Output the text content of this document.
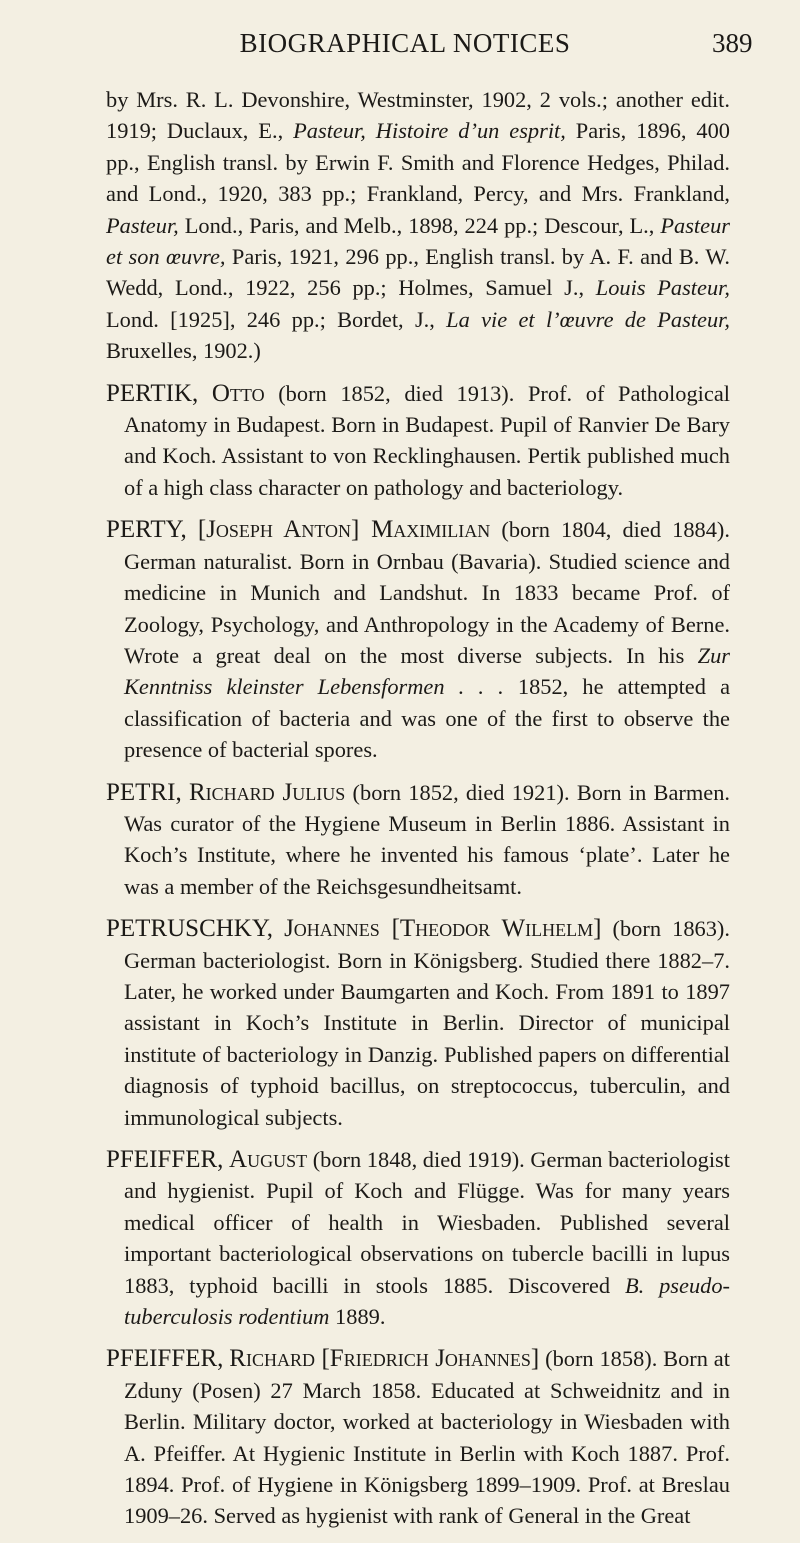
BIOGRAPHICAL NOTICES	389

by Mrs. R. L. Devonshire, Westminster, 1902, 2 vols.; another edit. 1919; Duclaux, E., Pasteur, Histoire d’un esprit, Paris, 1896, 400 pp., English transl. by Erwin F. Smith and Florence Hedges, Philad. and Lond., 1920, 383 pp.; Frankland, Percy, and Mrs. Frankland, Pasteur, Lond., Paris, and Melb., 1898, 224 pp.; Descour, L., Pasteur et son œuvre, Paris, 1921, 296 pp., English transl. by A. F. and B. W. Wedd, Lond., 1922, 256 pp.; Holmes, Samuel J., Louis Pasteur, Lond. [1925], 246 pp.; Bordet, J., La vie et l’œuvre de Pasteur, Bruxelles, 1902.)

PERTIK, Otto (born 1852, died 1913). Prof. of Pathological Anatomy in Budapest. Born in Budapest. Pupil of Ranvier De Bary and Koch. Assistant to von Recklinghausen. Pertik published much of a high class character on pathology and bacteriology.

PERTY, [Joseph Anton] Maximilian (born 1804, died 1884). German naturalist. Born in Ornbau (Bavaria). Studied science and medicine in Munich and Landshut. In 1833 became Prof. of Zoology, Psychology, and Anthropology in the Academy of Berne. Wrote a great deal on the most diverse subjects. In his Zur Kenntniss kleinster Lebensformen . . . 1852, he attempted a classification of bacteria and was one of the first to observe the presence of bacterial spores.

PETRI, Richard Julius (born 1852, died 1921). Born in Barmen. Was curator of the Hygiene Museum in Berlin 1886. Assistant in Koch’s Institute, where he invented his famous ‘plate’. Later he was a member of the Reichsgesundheitsamt.

PETRUSCHKY, Johannes [Theodor Wilhelm] (born 1863). German bacteriologist. Born in Königsberg. Studied there 1882–7. Later, he worked under Baumgarten and Koch. From 1891 to 1897 assistant in Koch’s Institute in Berlin. Director of municipal institute of bacteriology in Danzig. Published papers on differential diagnosis of typhoid bacillus, on streptococcus, tuberculin, and immunological subjects.

PFEIFFER, August (born 1848, died 1919). German bacteriologist and hygienist. Pupil of Koch and Flügge. Was for many years medical officer of health in Wiesbaden. Published several important bacteriological observations on tubercle bacilli in lupus 1883, typhoid bacilli in stools 1885. Discovered B. pseudo-tuberculosis rodentium 1889.

PFEIFFER, Richard [Friedrich Johannes] (born 1858). Born at Zduny (Posen) 27 March 1858. Educated at Schweidnitz and in Berlin. Military doctor, worked at bacteriology in Wiesbaden with A. Pfeiffer. At Hygienic Institute in Berlin with Koch 1887. Prof. 1894. Prof. of Hygiene in Königsberg 1899–1909. Prof. at Breslau 1909–26. Served as hygienist with rank of General in the Great
